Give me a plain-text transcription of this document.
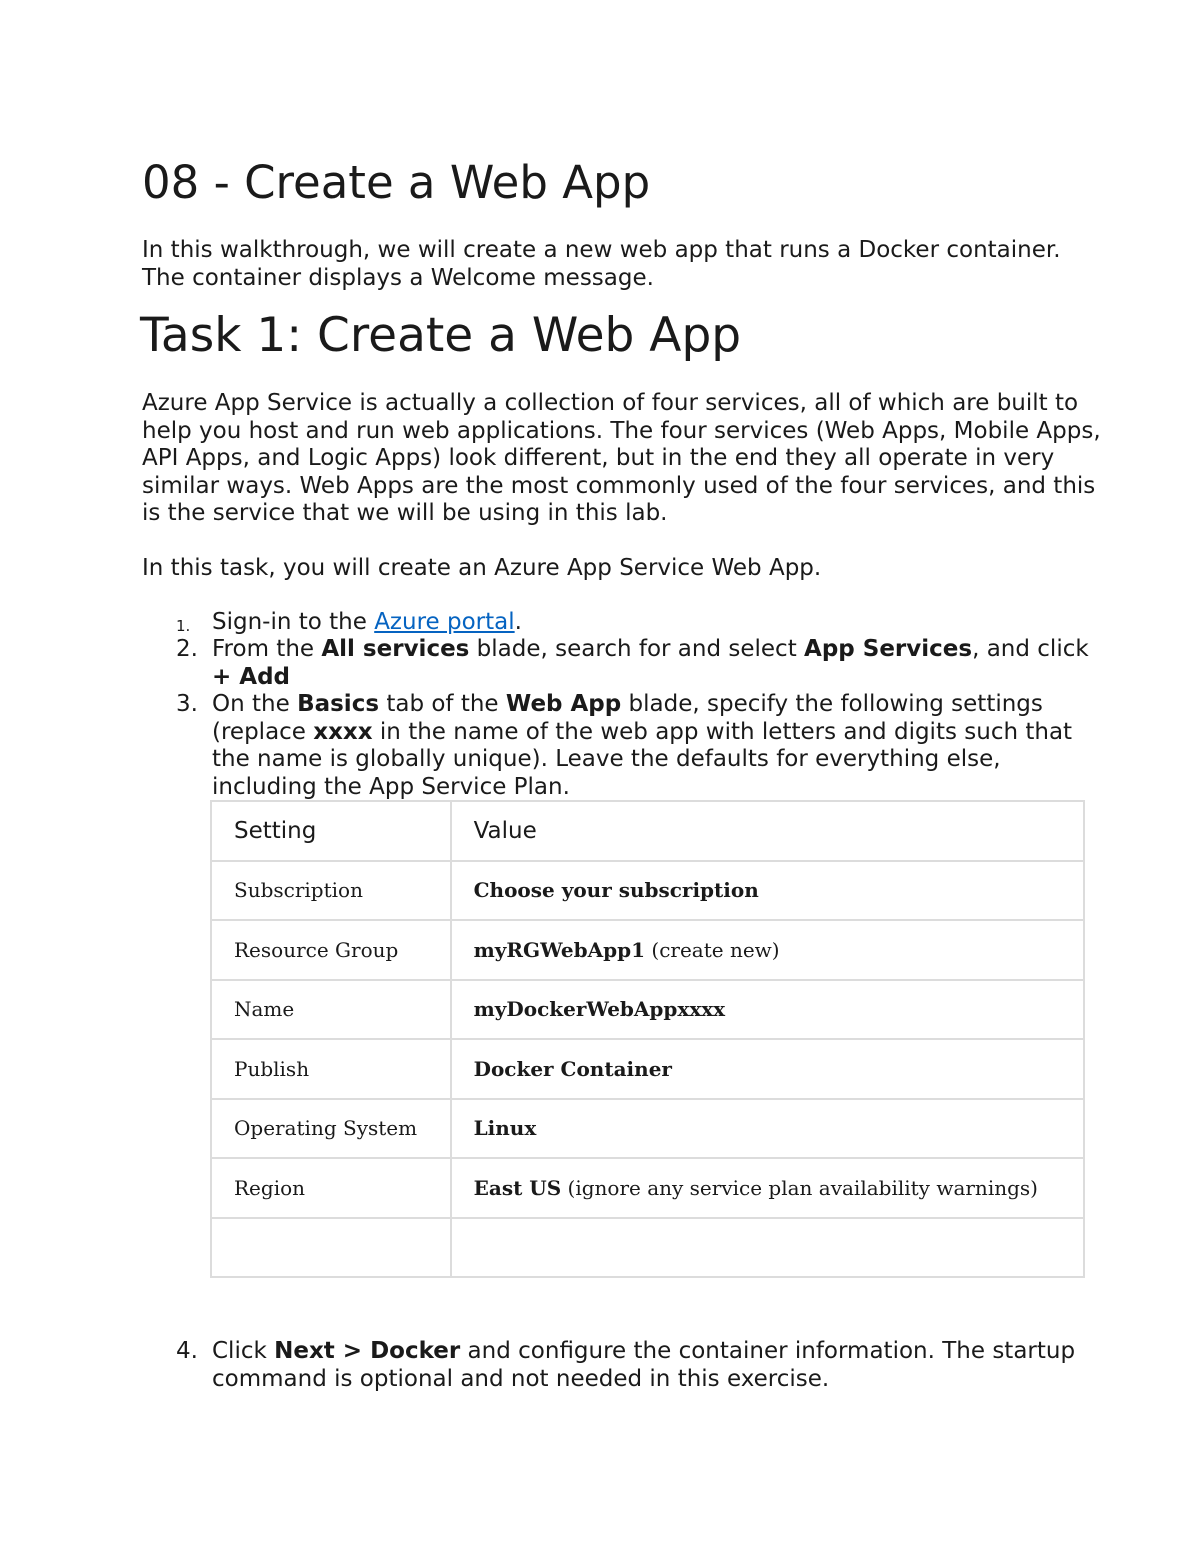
08 - Create a Web App

In this walkthrough, we will create a new web app that runs a Docker container. The container displays a Welcome message.

Task 1: Create a Web App

Azure App Service is actually a collection of four services, all of which are built to help you host and run web applications. The four services (Web Apps, Mobile Apps, API Apps, and Logic Apps) look different, but in the end they all operate in very similar ways. Web Apps are the most commonly used of the four services, and this is the service that we will be using in this lab.

In this task, you will create an Azure App Service Web App.

1. Sign-in to the Azure portal.
2. From the All services blade, search for and select App Services, and click + Add
3. On the Basics tab of the Web App blade, specify the following settings (replace xxxx in the name of the web app with letters and digits such that the name is globally unique). Leave the defaults for everything else, including the App Service Plan.
Setting	Value
Subscription	Choose your subscription
Resource Group	myRGWebApp1 (create new)
Name	myDockerWebAppxxxx
Publish	Docker Container
Operating System	Linux
Region	East US (ignore any service plan availability warnings)

4. Click Next > Docker and configure the container information. The startup command is optional and not needed in this exercise.
